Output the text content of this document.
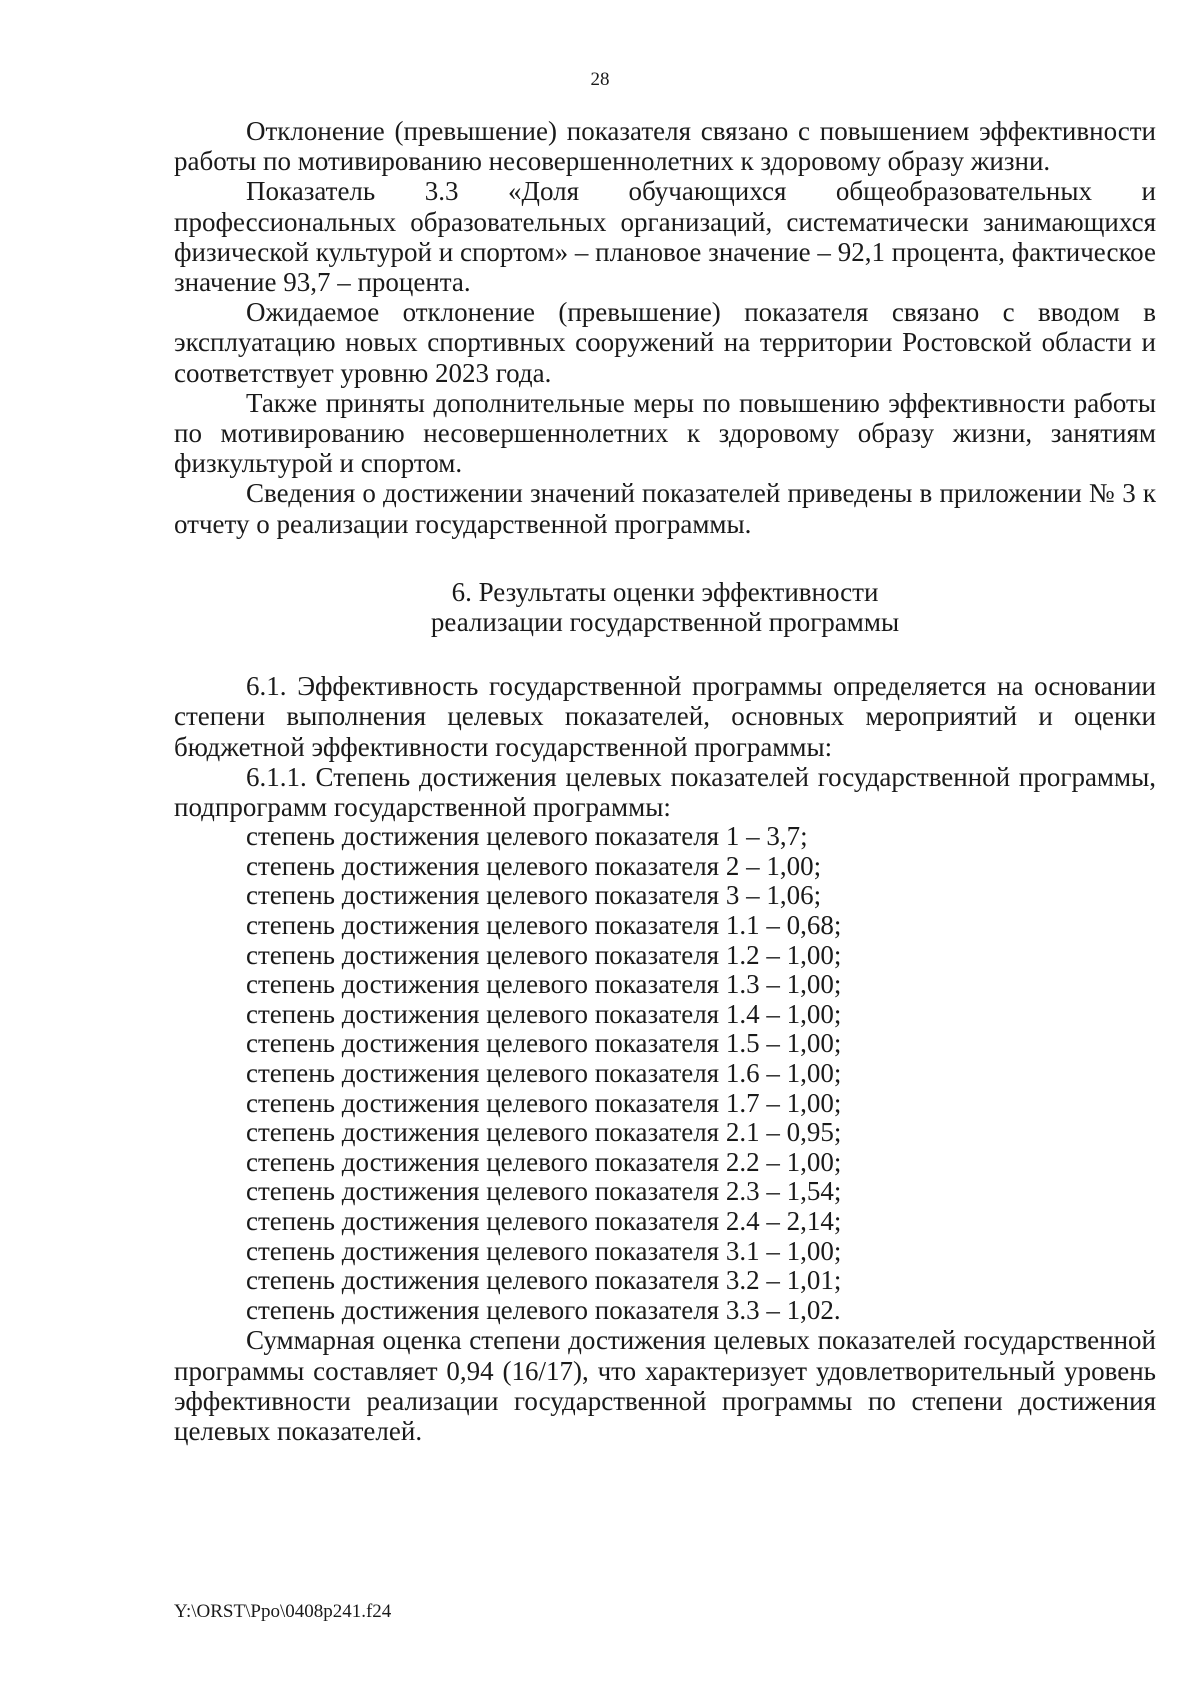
28

Отклонение (превышение) показателя связано с повышением эффективности работы по мотивированию несовершеннолетних к здоровому образу жизни.

Показатель 3.3 «Доля обучающихся общеобразовательных и профессиональных образовательных организаций, систематически занимающихся физической культурой и спортом» – плановое значение – 92,1 процента, фактическое значение 93,7 – процента.

Ожидаемое отклонение (превышение) показателя связано с вводом в эксплуатацию новых спортивных сооружений на территории Ростовской области и соответствует уровню 2023 года.

Также приняты дополнительные меры по повышению эффективности работы по мотивированию несовершеннолетних к здоровому образу жизни, занятиям физкультурой и спортом.

Сведения о достижении значений показателей приведены в приложении № 3 к отчету о реализации государственной программы.

6. Результаты оценки эффективности
реализации государственной программы

6.1. Эффективность государственной программы определяется на основании степени выполнения целевых показателей, основных мероприятий и оценки бюджетной эффективности государственной программы:

6.1.1. Степень достижения целевых показателей государственной программы, подпрограмм государственной программы:

степень достижения целевого показателя 1 – 3,7;
степень достижения целевого показателя 2 – 1,00;
степень достижения целевого показателя 3 – 1,06;
степень достижения целевого показателя 1.1 – 0,68;
степень достижения целевого показателя 1.2 – 1,00;
степень достижения целевого показателя 1.3 – 1,00;
степень достижения целевого показателя 1.4 – 1,00;
степень достижения целевого показателя 1.5 – 1,00;
степень достижения целевого показателя 1.6 – 1,00;
степень достижения целевого показателя 1.7 – 1,00;
степень достижения целевого показателя 2.1 – 0,95;
степень достижения целевого показателя 2.2 – 1,00;
степень достижения целевого показателя 2.3 – 1,54;
степень достижения целевого показателя 2.4 – 2,14;
степень достижения целевого показателя 3.1 – 1,00;
степень достижения целевого показателя 3.2 – 1,01;
степень достижения целевого показателя 3.3 – 1,02.

Суммарная оценка степени достижения целевых показателей государственной программы составляет 0,94 (16/17), что характеризует удовлетворительный уровень эффективности реализации государственной программы по степени достижения целевых показателей.

Y:\ORST\Ppo\0408p241.f24
